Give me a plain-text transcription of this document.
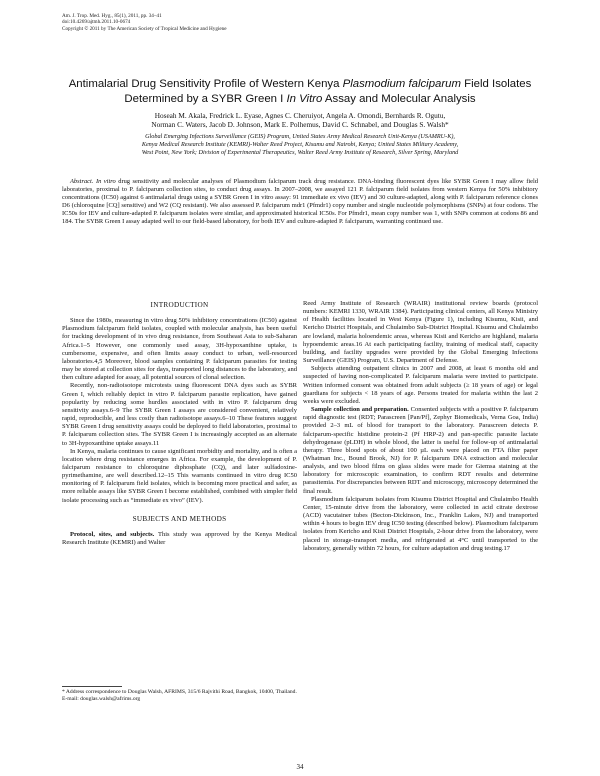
Am. J. Trop. Med. Hyg., 85(1), 2011, pp. 34–41
doi:10.4269/ajtmh.2011.10-0674
Copyright © 2011 by The American Society of Tropical Medicine and Hygiene
Antimalarial Drug Sensitivity Profile of Western Kenya Plasmodium falciparum Field Isolates
Determined by a SYBR Green I In Vitro Assay and Molecular Analysis
Hoseah M. Akala, Fredrick L. Eyase, Agnes C. Cheruiyot, Angela A. Omondi, Bernhards R. Ogutu,
Norman C. Waters, Jacob D. Johnson, Mark E. Polhemus, David C. Schnabel, and Douglas S. Walsh*
Global Emerging Infections Surveillance (GEIS) Program, United States Army Medical Research Unit-Kenya (USAMRU-K),
Kenya Medical Research Institute (KEMRI)-Walter Reed Project, Kisumu and Nairobi, Kenya; United States Military Academy,
West Point, New York; Division of Experimental Therapeutics, Walter Reed Army Institute of Research, Silver Spring, Maryland
Abstract. In vitro drug sensitivity and molecular analyses of Plasmodium falciparum track drug resistance. DNA-binding fluorescent dyes like SYBR Green I may allow field laboratories, proximal to P. falciparum collection sites, to conduct drug assays. In 2007–2008, we assayed 121 P. falciparum field isolates from western Kenya for 50% inhibitory concentrations (IC50) against 6 antimalarial drugs using a SYBR Green I in vitro assay: 91 immediate ex vivo (IEV) and 30 culture-adapted, along with P. falciparum reference clones D6 (chloroquine [CQ] sensitive) and W2 (CQ resistant). We also assessed P. falciparum mdr1 (Pfmdr1) copy number and single nucleotide polymorphisms (SNPs) at four codons. The IC50s for IEV and culture-adapted P. falciparum isolates were similar, and approximated historical IC50s. For Pfmdr1, mean copy number was 1, with SNPs common at codons 86 and 184. The SYBR Green I assay adapted well to our field-based laboratory, for both IEV and culture-adapted P. falciparum, warranting continued use.
INTRODUCTION

Since the 1980s, measuring in vitro drug 50% inhibitory concentrations (IC50) against Plasmodium falciparum field isolates, coupled with molecular analysis, has been useful for tracking development of in vivo drug resistance, from Southeast Asia to sub-Saharan Africa.1–5 However, one commonly used assay, 3H-hypoxanthine uptake, is cumbersome, expensive, and often limits assay conduct to urban, well-resourced laboratories.4,5 Moreover, blood samples containing P. falciparum parasites for testing may be stored at collection sites for days, transported long distances to the laboratory, and then culture adapted for assay, all potential sources of clonal selection.

Recently, non-radioisotope microtests using fluorescent DNA dyes such as SYBR Green I, which reliably depict in vitro P. falciparum parasite replication, have gained popularity by reducing some hurdles associated with in vitro P. falciparum drug sensitivity assays.6–9 The SYBR Green I assays are considered convenient, relatively rapid, reproducible, and less costly than radioisotope assays.6–10 These features suggest SYBR Green I drug sensitivity assays could be deployed to field laboratories, proximal to P. falciparum collection sites. The SYBR Green I is increasingly accepted as an alternate to 3H-hypoxanthine uptake assays.11

In Kenya, malaria continues to cause significant morbidity and mortality, and is often a location where drug resistance emerges in Africa. For example, the development of P. falciparum resistance to chloroquine diphosphate (CQ), and later sulfadoxine-pyrimethamine, are well described.12–15 This warrants continued in vitro drug IC50 monitoring of P. falciparum field isolates, which is becoming more practical and safer, as more reliable assays like SYBR Green I become established, combined with simpler field isolate processing such as “immediate ex vivo” (IEV).

SUBJECTS AND METHODS

Protocol, sites, and subjects. This study was approved by the Kenya Medical Research Institute (KEMRI) and Walter

Reed Army Institute of Research (WRAIR) institutional review boards (protocol numbers: KEMRI 1330, WRAIR 1384). Participating clinical centers, all Kenya Ministry of Health facilities located in West Kenya (Figure 1), including Kisumu, Kisii, and Kericho District Hospitals, and Chulaimbo Sub-District Hospital. Kisumu and Chulaimbo are lowland, malaria holoendemic areas, whereas Kisii and Kericho are highland, malaria hypoendemic areas.16 At each participating facility, training of medical staff, capacity building, and facility upgrades were provided by the Global Emerging Infections Surveillance (GEIS) Program, U.S. Department of Defense.

Subjects attending outpatient clinics in 2007 and 2008, at least 6 months old and suspected of having non-complicated P. falciparum malaria were invited to participate. Written informed consent was obtained from adult subjects (≥ 18 years of age) or legal guardians for subjects < 18 years of age. Persons treated for malaria within the last 2 weeks were excluded.

Sample collection and preparation. Consented subjects with a positive P. falciparum rapid diagnostic test (RDT; Parascreen [Pan/Pf], Zephyr Biomedicals, Verna Goa, India) provided 2–3 mL of blood for transport to the laboratory. Parascreen detects P. falciparum-specific histidine protein-2 (Pf HRP-2) and pan-specific parasite lactate dehydrogenase (pLDH) in whole blood, the latter is useful for follow-up of antimalarial therapy. Three blood spots of about 100 µL each were placed on FTA filter paper (Whatman Inc., Bound Brook, NJ) for P. falciparum DNA extraction and molecular analysis, and two blood films on glass slides were made for Giemsa staining at the laboratory for microscopic examination, to confirm RDT results and determine parasitemia. For discrepancies between RDT and microscopy, microscopy determined the final result.

Plasmodium falciparum isolates from Kisumu District Hospital and Chulaimbo Health Center, 15-minute drive from the laboratory, were collected in acid citrate dextrose (ACD) vacutainer tubes (Becton-Dickinson, Inc., Franklin Lakes, NJ) and transported within 4 hours to begin IEV drug IC50 testing (described below). Plasmodium falciparum isolates from Kericho and Kisii District Hospitals, 2-hour drive from the laboratory, were placed in storage-transport media, and refrigerated at 4°C until transported to the laboratory, generally within 72 hours, for culture adaptation and drug testing.17

* Address correspondence to Douglas Walsh, AFRIMS, 315/6 Rajvithi Road, Bangkok, 10400, Thailand. E-mail: douglas.walsh@afrims.org
34
